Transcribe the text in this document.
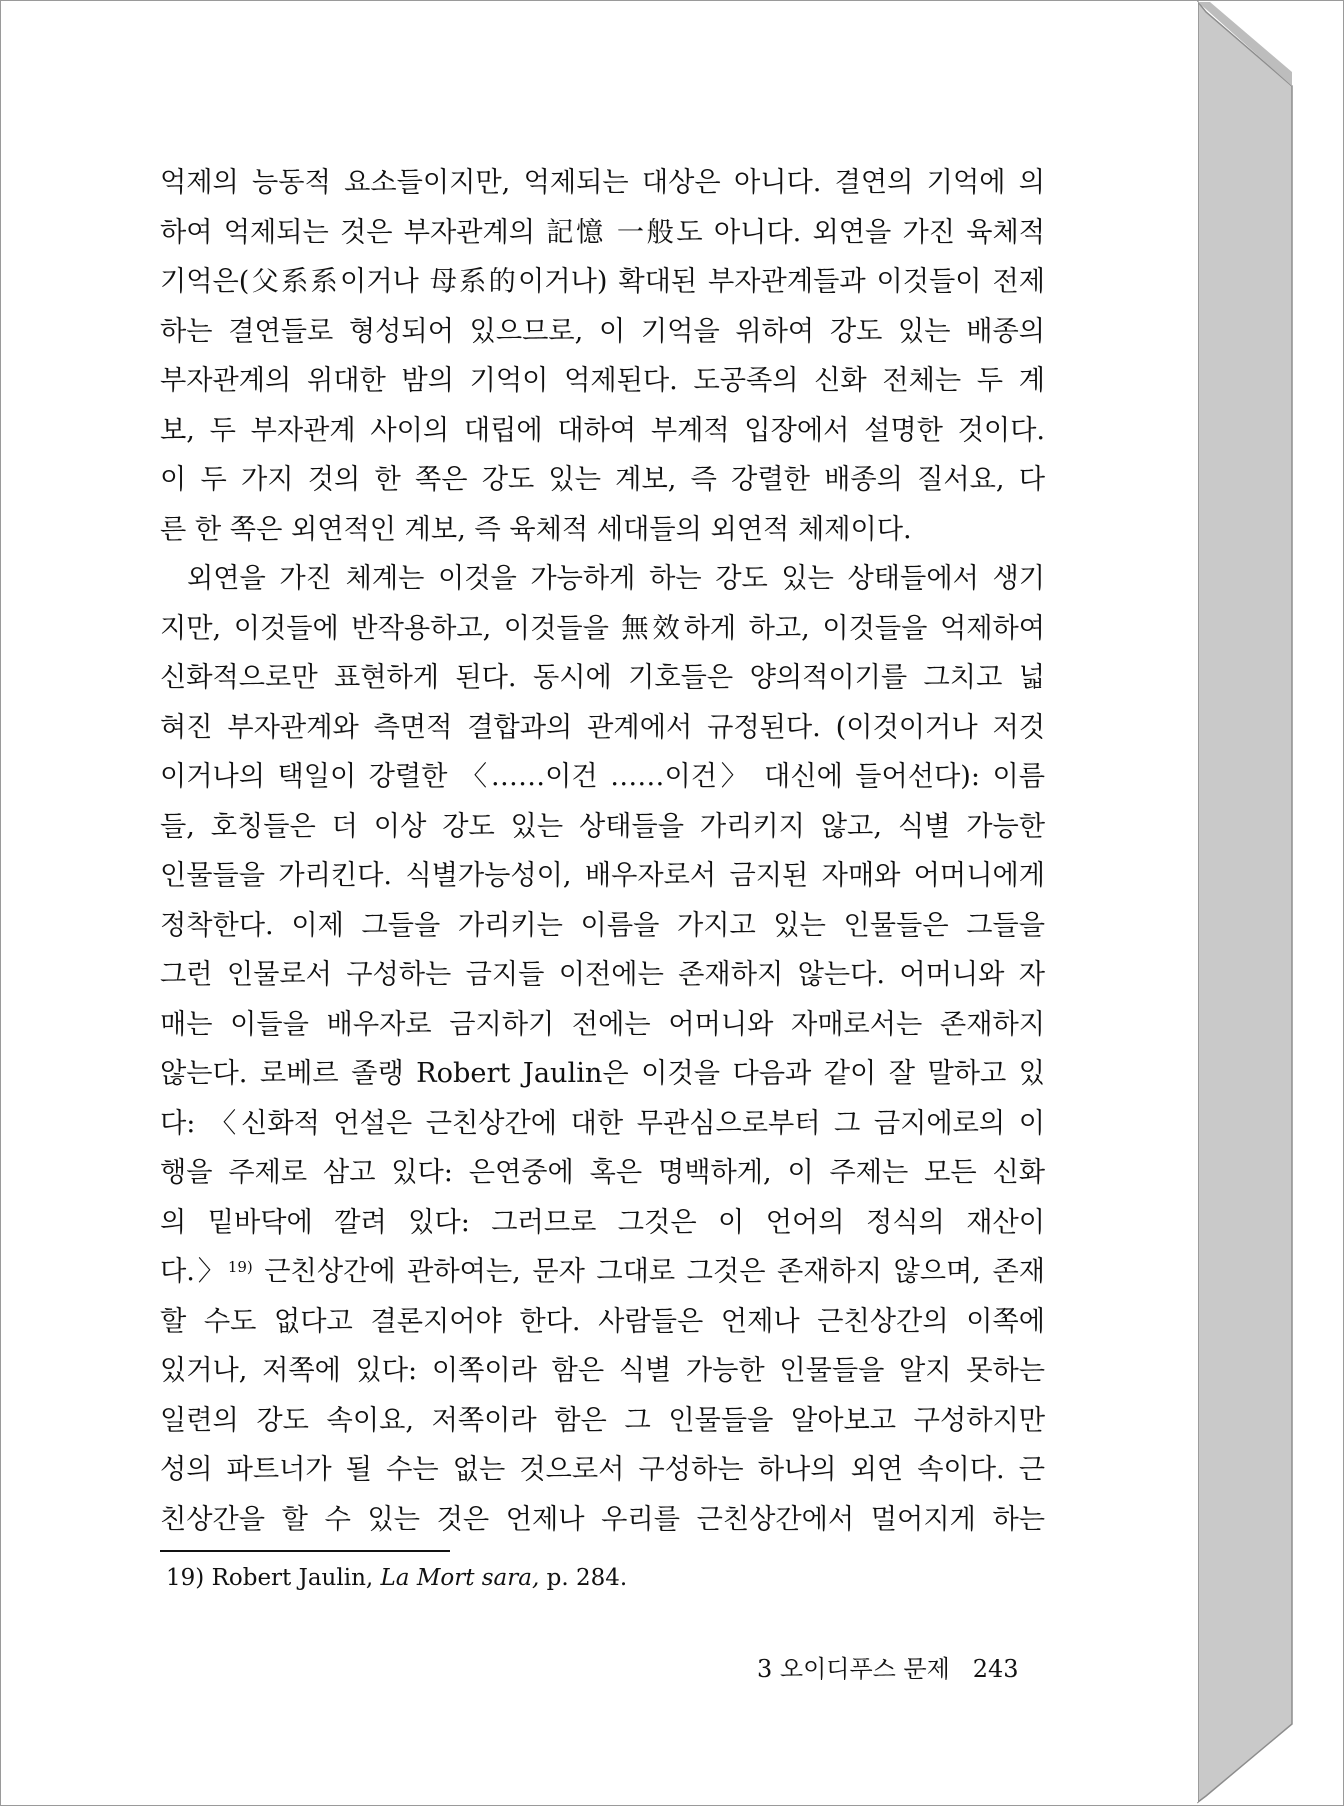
억제의 능동적 요소들이지만, 억제되는 대상은 아니다. 결연의 기억에 의
하여 억제되는 것은 부자관계의 記憶 一般도 아니다. 외연을 가진 육체적
기억은(父系系이거나 母系的이거나) 확대된 부자관계들과 이것들이 전제
하는 결연들로 형성되어 있으므로, 이 기억을 위하여 강도 있는 배종의
부자관계의 위대한 밤의 기억이 억제된다. 도공족의 신화 전체는 두 계
보, 두 부자관계 사이의 대립에 대하여 부계적 입장에서 설명한 것이다.
이 두 가지 것의 한 쪽은 강도 있는 계보, 즉 강렬한 배종의 질서요, 다
른 한 쪽은 외연적인 계보, 즉 육체적 세대들의 외연적 체제이다.
외연을 가진 체계는 이것을 가능하게 하는 강도 있는 상태들에서 생기
지만, 이것들에 반작용하고, 이것들을 無效하게 하고, 이것들을 억제하여
신화적으로만 표현하게 된다. 동시에 기호들은 양의적이기를 그치고 넓
혀진 부자관계와 측면적 결합과의 관계에서 규정된다. (이것이거나 저것
이거나의 택일이 강렬한 〈……이건 ……이건〉 대신에 들어선다): 이름
들, 호칭들은 더 이상 강도 있는 상태들을 가리키지 않고, 식별 가능한
인물들을 가리킨다. 식별가능성이, 배우자로서 금지된 자매와 어머니에게
정착한다. 이제 그들을 가리키는 이름을 가지고 있는 인물들은 그들을
그런 인물로서 구성하는 금지들 이전에는 존재하지 않는다. 어머니와 자
매는 이들을 배우자로 금지하기 전에는 어머니와 자매로서는 존재하지
않는다. 로베르 졸랭 Robert Jaulin은 이것을 다음과 같이 잘 말하고 있
다: 〈신화적 언설은 근친상간에 대한 무관심으로부터 그 금지에로의 이
행을 주제로 삼고 있다: 은연중에 혹은 명백하게, 이 주제는 모든 신화
의 밑바닥에 깔려 있다: 그러므로 그것은 이 언어의 정식의 재산이
다.〉$^{19)}$ 근친상간에 관하여는, 문자 그대로 그것은 존재하지 않으며, 존재
할 수도 없다고 결론지어야 한다. 사람들은 언제나 근친상간의 이쪽에
있거나, 저쪽에 있다: 이쪽이라 함은 식별 가능한 인물들을 알지 못하는
일련의 강도 속이요, 저쪽이라 함은 그 인물들을 알아보고 구성하지만
성의 파트너가 될 수는 없는 것으로서 구성하는 하나의 외연 속이다. 근
친상간을 할 수 있는 것은 언제나 우리를 근친상간에서 멀어지게 하는
19) Robert Jaulin, La Mort sara, p. 284.
3 오이디푸스 문제 243
